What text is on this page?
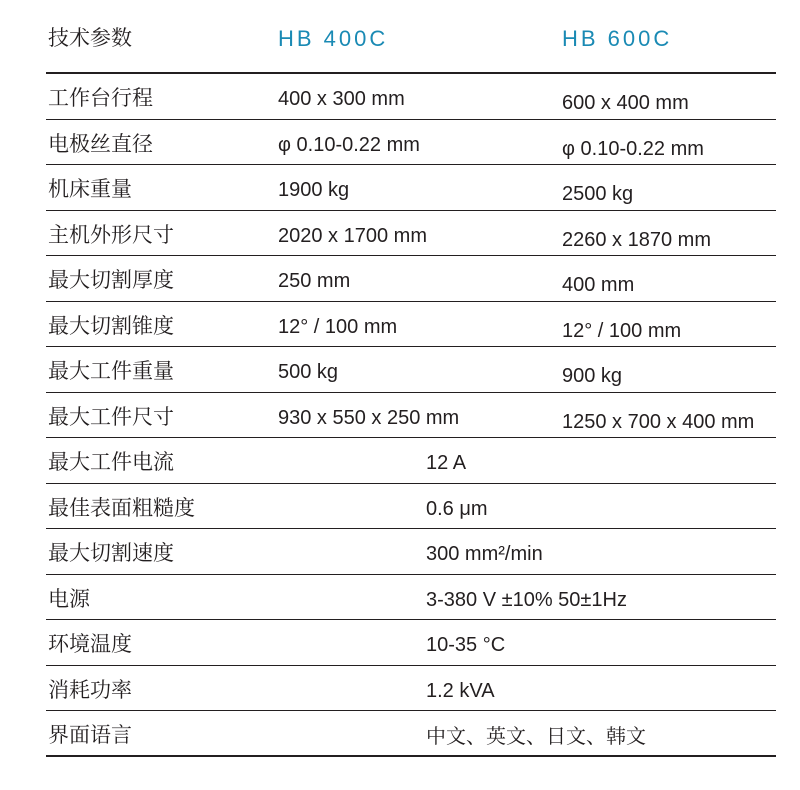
技术参数	HB 400C	HB 600C
工作台行程	400 x 300 mm	600 x 400 mm
电极丝直径	φ 0.10-0.22 mm	φ 0.10-0.22 mm
机床重量	1900 kg	2500 kg
主机外形尺寸	2020 x 1700 mm	2260 x 1870 mm
最大切割厚度	250 mm	400 mm
最大切割锥度	12° / 100 mm	12° / 100 mm
最大工件重量	500 kg	900 kg
最大工件尺寸	930 x 550 x 250 mm	1250 x 700 x 400 mm
最大工件电流	12 A
最佳表面粗糙度	0.6 μm
最大切割速度	300 mm²/min
电源	3-380 V ±10% 50±1Hz
环境温度	10-35 °C
消耗功率	1.2 kVA
界面语言	中文、英文、日文、韩文
